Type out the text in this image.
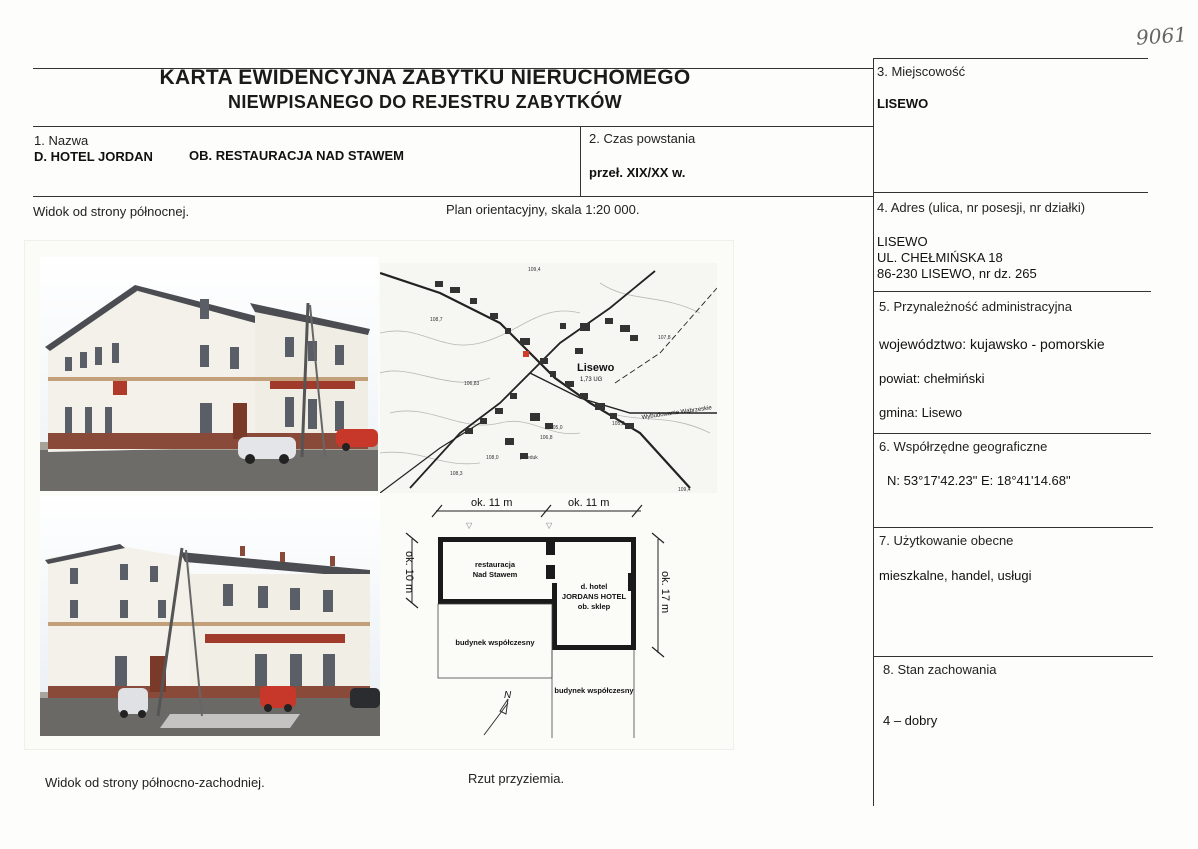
9061
KARTA EWIDENCYJNA ZABYTKU NIERUCHOMEGO
NIEWPISANEGO DO REJESTRU ZABYTKÓW
1. Nazwa
D. HOTEL JORDAN	OB. RESTAURACJA NAD STAWEM
2. Czas powstania
przeł. XIX/XX w.
3. Miejscowość
LISEWO
4. Adres (ulica, nr posesji, nr działki)
LISEWO
UL. CHEŁMIŃSKA 18
86-230 LISEWO, nr dz. 265
5. Przynależność administracyjna
województwo: kujawsko - pomorskie
powiat: chełmiński
gmina: Lisewo
6. Współrzędne geograficzne
N: 53°17'42.23" E: 18°41'14.68"
7. Użytkowanie obecne
mieszkalne, handel, usługi
8. Stan zachowania
4 – dobry
Widok od strony północnej.	Plan orientacyjny, skala 1:20 000.
Widok od strony północno-zachodniej.	Rzut przyziemia.
Lisewo
1,73 UG
Wybudowanie Wąbrzeskie
109,4
108,7
107,8
106,83
105,0
106,8
105,2
108,3
108,0
109,4
przeduk
ok. 11 m	ok. 11 m
▽	▽
ok. 10 m	ok. 17 m
restauracja
Nad Stawem
d. hotel
JORDANS HOTEL
ob. sklep
budynek współczesny
budynek współczesny
N
